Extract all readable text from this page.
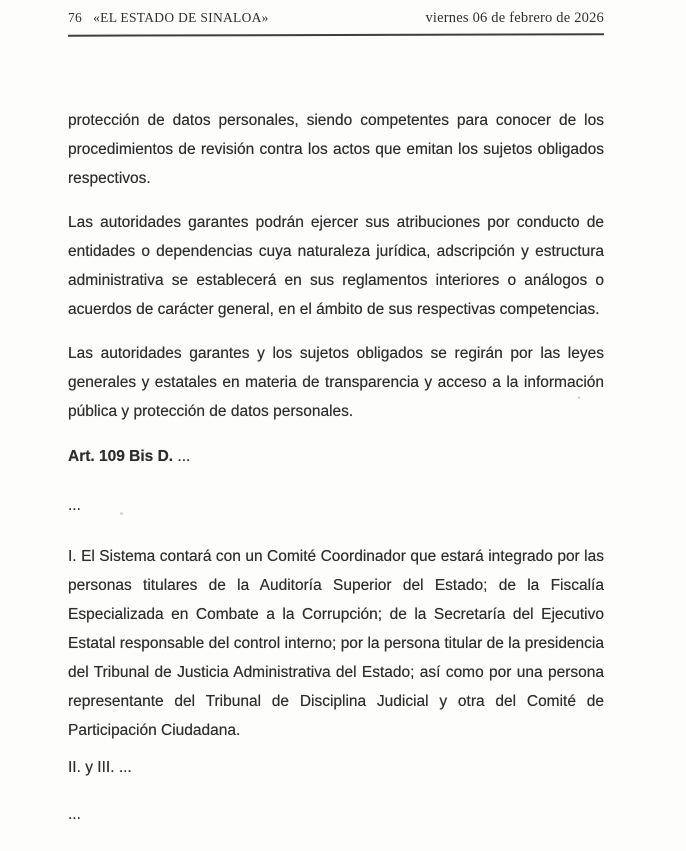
76 «EL ESTADO DE SINALOA»	viernes 06 de febrero de 2026

protección de datos personales, siendo competentes para conocer de los procedimientos de revisión contra los actos que emitan los sujetos obligados respectivos.

Las autoridades garantes podrán ejercer sus atribuciones por conducto de entidades o dependencias cuya naturaleza jurídica, adscripción y estructura administrativa se establecerá en sus reglamentos interiores o análogos o acuerdos de carácter general, en el ámbito de sus respectivas competencias.

Las autoridades garantes y los sujetos obligados se regirán por las leyes generales y estatales en materia de transparencia y acceso a la información pública y protección de datos personales.

Art. 109 Bis D. ...

...

I. El Sistema contará con un Comité Coordinador que estará integrado por las personas titulares de la Auditoría Superior del Estado; de la Fiscalía Especializada en Combate a la Corrupción; de la Secretaría del Ejecutivo Estatal responsable del control interno; por la persona titular de la presidencia del Tribunal de Justicia Administrativa del Estado; así como por una persona representante del Tribunal de Disciplina Judicial y otra del Comité de Participación Ciudadana.

II. y III. ...

...

'
